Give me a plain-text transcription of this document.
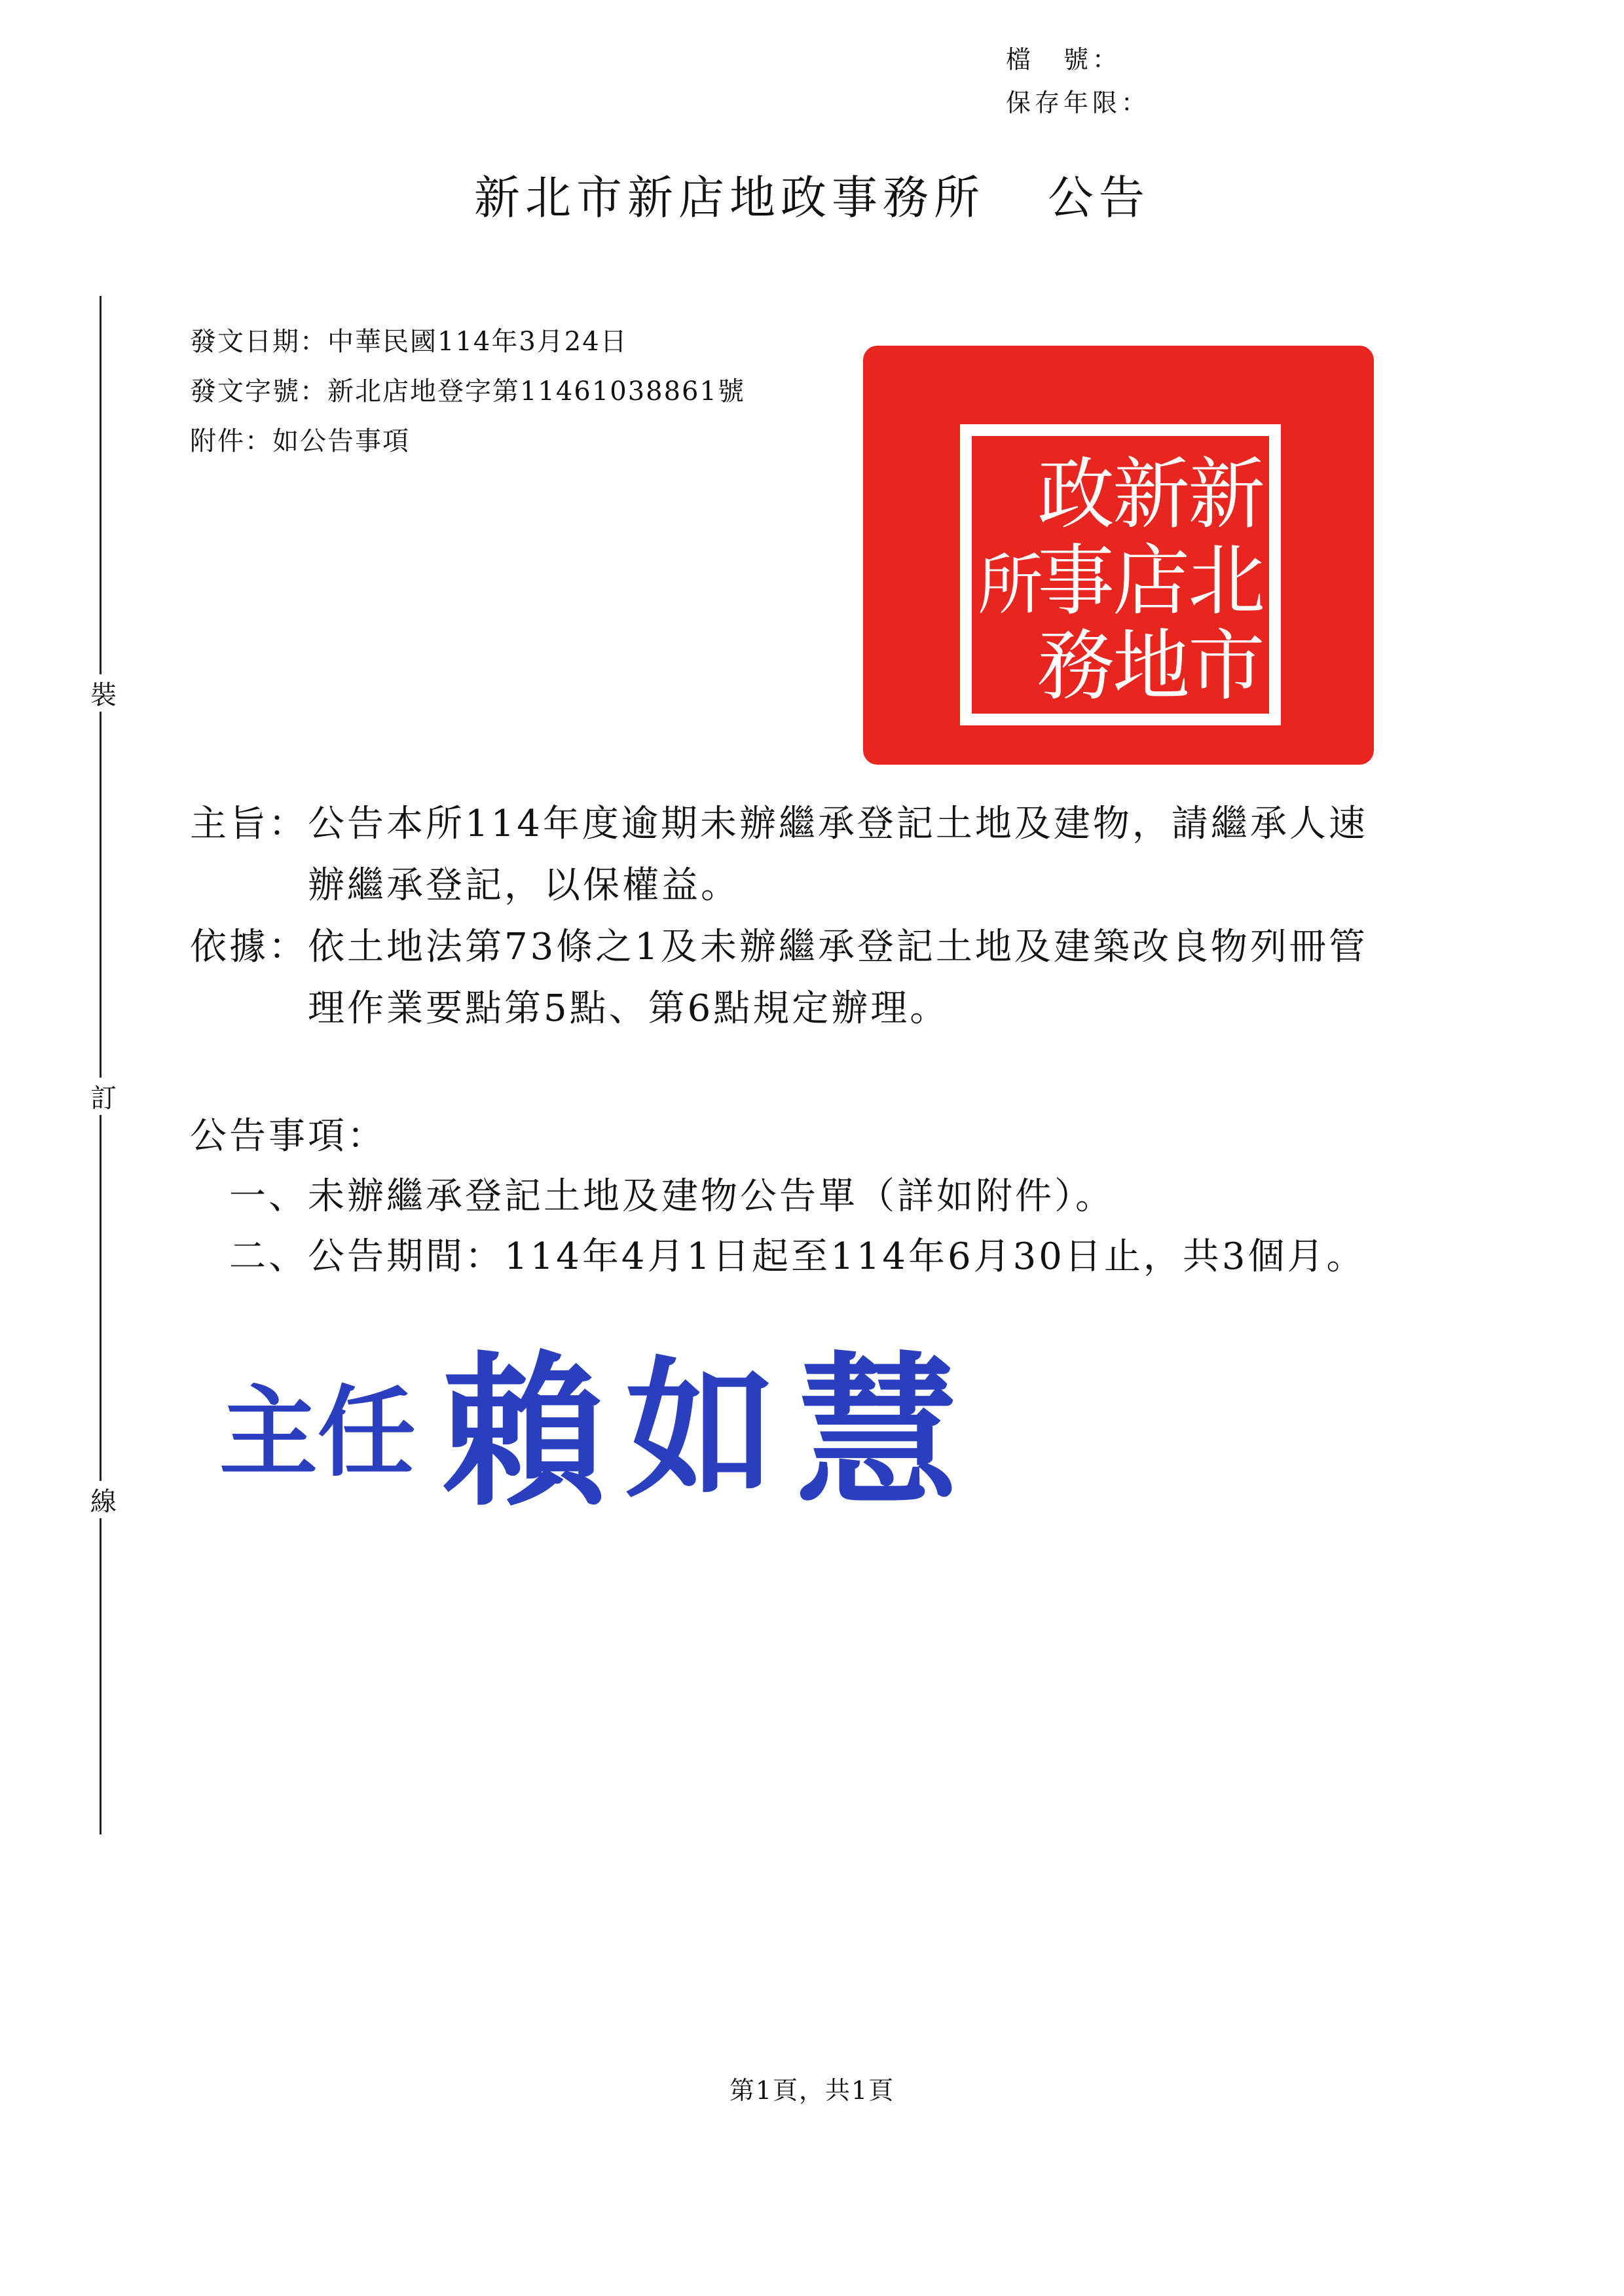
檔　號：
保存年限：
新北市新店地政事務所 公告
裝
訂
線
發文日期：中華民國114年3月24日
發文字號：新北店地登字第11461038861號
附件：如公告事項
新
北
市
新
店
地
政
事
務
所
主旨： 公告本所114年度逾期未辦繼承登記土地及建物，請繼承人速辦繼承登記，以保權益。
依據： 依土地法第73條之1及未辦繼承登記土地及建築改良物列冊管理作業要點第5點、第6點規定辦理。
公告事項：
一、未辦繼承登記土地及建物公告單（詳如附件）。
二、公告期間：114年4月1日起至114年6月30日止，共3個月。
主 任 賴 如 慧
第1頁，共1頁
